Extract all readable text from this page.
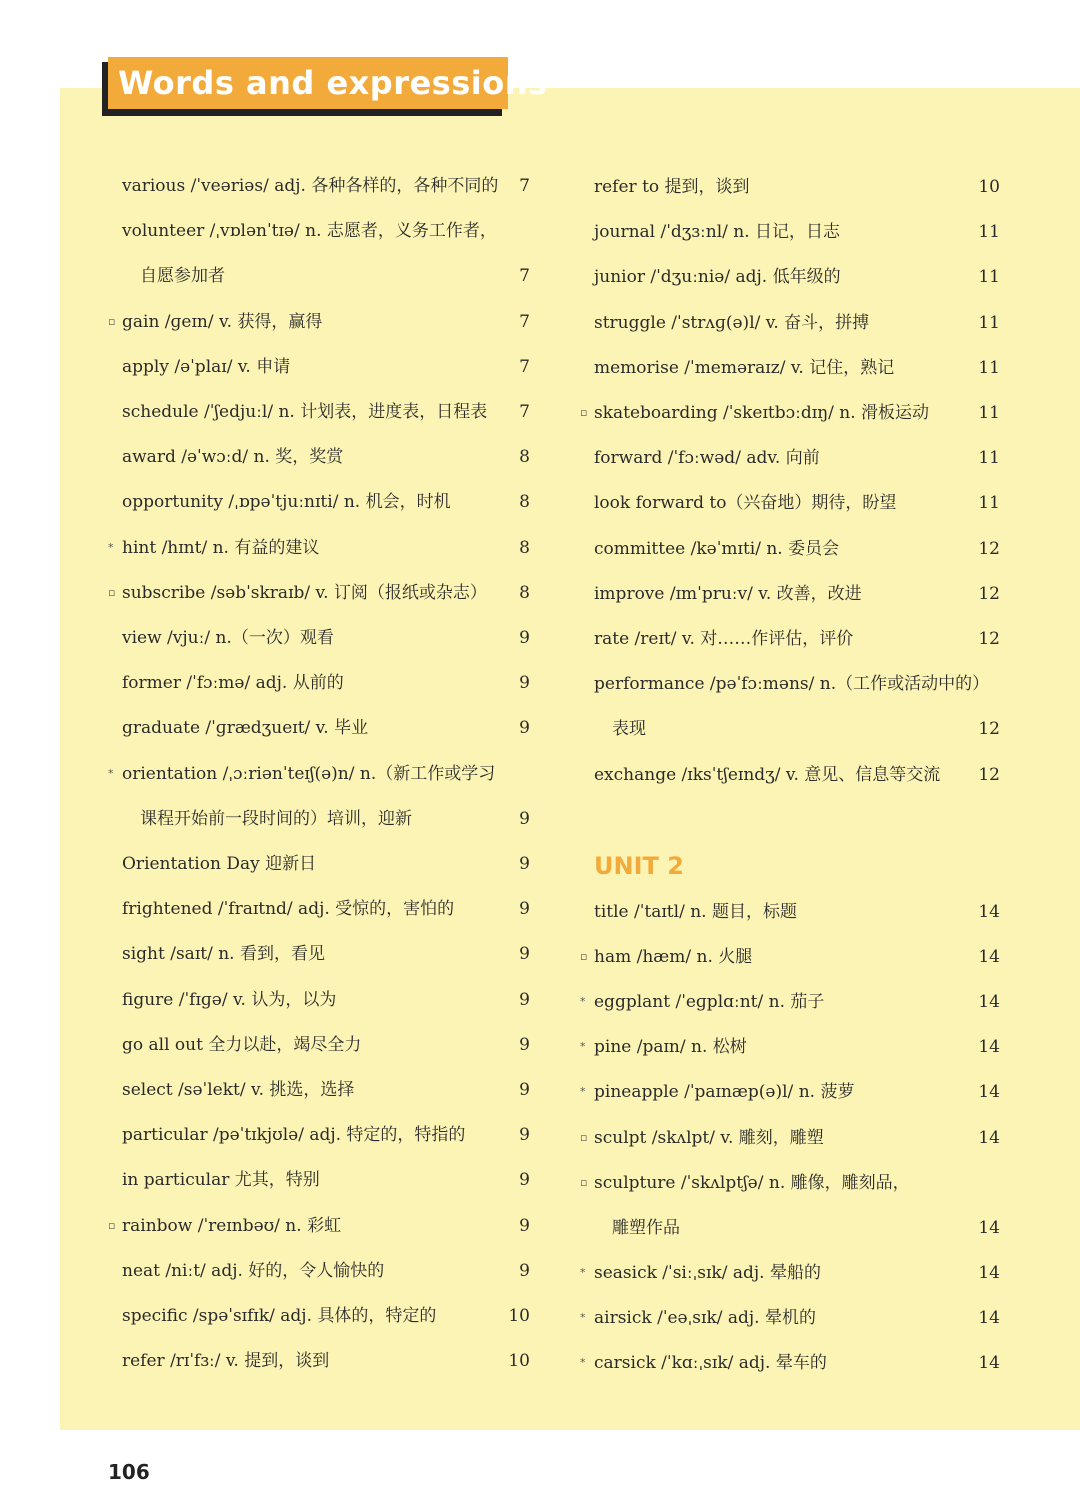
Words and expressions
various /ˈveəriəs/ adj. 各种各样的，各种不同的 7
volunteer /ˌvɒlənˈtɪə/ n. 志愿者，义务工作者，
自愿参加者	7
▫ gain /ɡeɪn/ v. 获得，赢得	7
apply /əˈplaɪ/ v. 申请	7
schedule /ˈʃedjuːl/ n. 计划表，进度表，日程表 7
award /əˈwɔːd/ n. 奖，奖赏	8
opportunity /ˌɒpəˈtjuːnɪti/ n. 机会，时机	8
* hint /hɪnt/ n. 有益的建议	8
▫ subscribe /səbˈskraɪb/ v. 订阅（报纸或杂志） 8
view /vjuː/ n.（一次）观看	9
former /ˈfɔːmə/ adj. 从前的	9
graduate /ˈɡrædʒueɪt/ v. 毕业	9
* orientation /ˌɔːriənˈteɪʃ(ə)n/ n.（新工作或学习
课程开始前一段时间的）培训，迎新	9
Orientation Day 迎新日	9
frightened /ˈfraɪtnd/ adj. 受惊的，害怕的	9
sight /saɪt/ n. 看到，看见	9
figure /ˈfɪɡə/ v. 认为，以为	9
go all out 全力以赴，竭尽全力	9
select /səˈlekt/ v. 挑选，选择	9
particular /pəˈtɪkjʊlə/ adj. 特定的，特指的	9
in particular 尤其，特别	9
▫ rainbow /ˈreɪnbəʊ/ n. 彩虹	9
neat /niːt/ adj. 好的，令人愉快的	9
specific /spəˈsɪfɪk/ adj. 具体的，特定的	10
refer /rɪˈfɜː/ v. 提到，谈到	10
refer to 提到，谈到	10
journal /ˈdʒɜːnl/ n. 日记，日志	11
junior /ˈdʒuːniə/ adj. 低年级的	11
struggle /ˈstrʌɡ(ə)l/ v. 奋斗，拼搏	11
memorise /ˈmeməraɪz/ v. 记住，熟记	11
▫ skateboarding /ˈskeɪtbɔːdɪŋ/ n. 滑板运动	11
forward /ˈfɔːwəd/ adv. 向前	11
look forward to（兴奋地）期待，盼望	11
committee /kəˈmɪti/ n. 委员会	12
improve /ɪmˈpruːv/ v. 改善，改进	12
rate /reɪt/ v. 对……作评估，评价	12
performance /pəˈfɔːməns/ n.（工作或活动中的）
表现	12
exchange /ɪksˈtʃeɪndʒ/ v. 意见、信息等交流 12
UNIT 2
title /ˈtaɪtl/ n. 题目，标题	14
▫ ham /hæm/ n. 火腿	14
* eggplant /ˈeɡplɑːnt/ n. 茄子	14
* pine /paɪn/ n. 松树	14
* pineapple /ˈpaɪnæp(ə)l/ n. 菠萝	14
▫ sculpt /skʌlpt/ v. 雕刻，雕塑	14
▫ sculpture /ˈskʌlptʃə/ n. 雕像，雕刻品，
雕塑作品	14
* seasick /ˈsiːˌsɪk/ adj. 晕船的	14
* airsick /ˈeəˌsɪk/ adj. 晕机的	14
* carsick /ˈkɑːˌsɪk/ adj. 晕车的	14
106
